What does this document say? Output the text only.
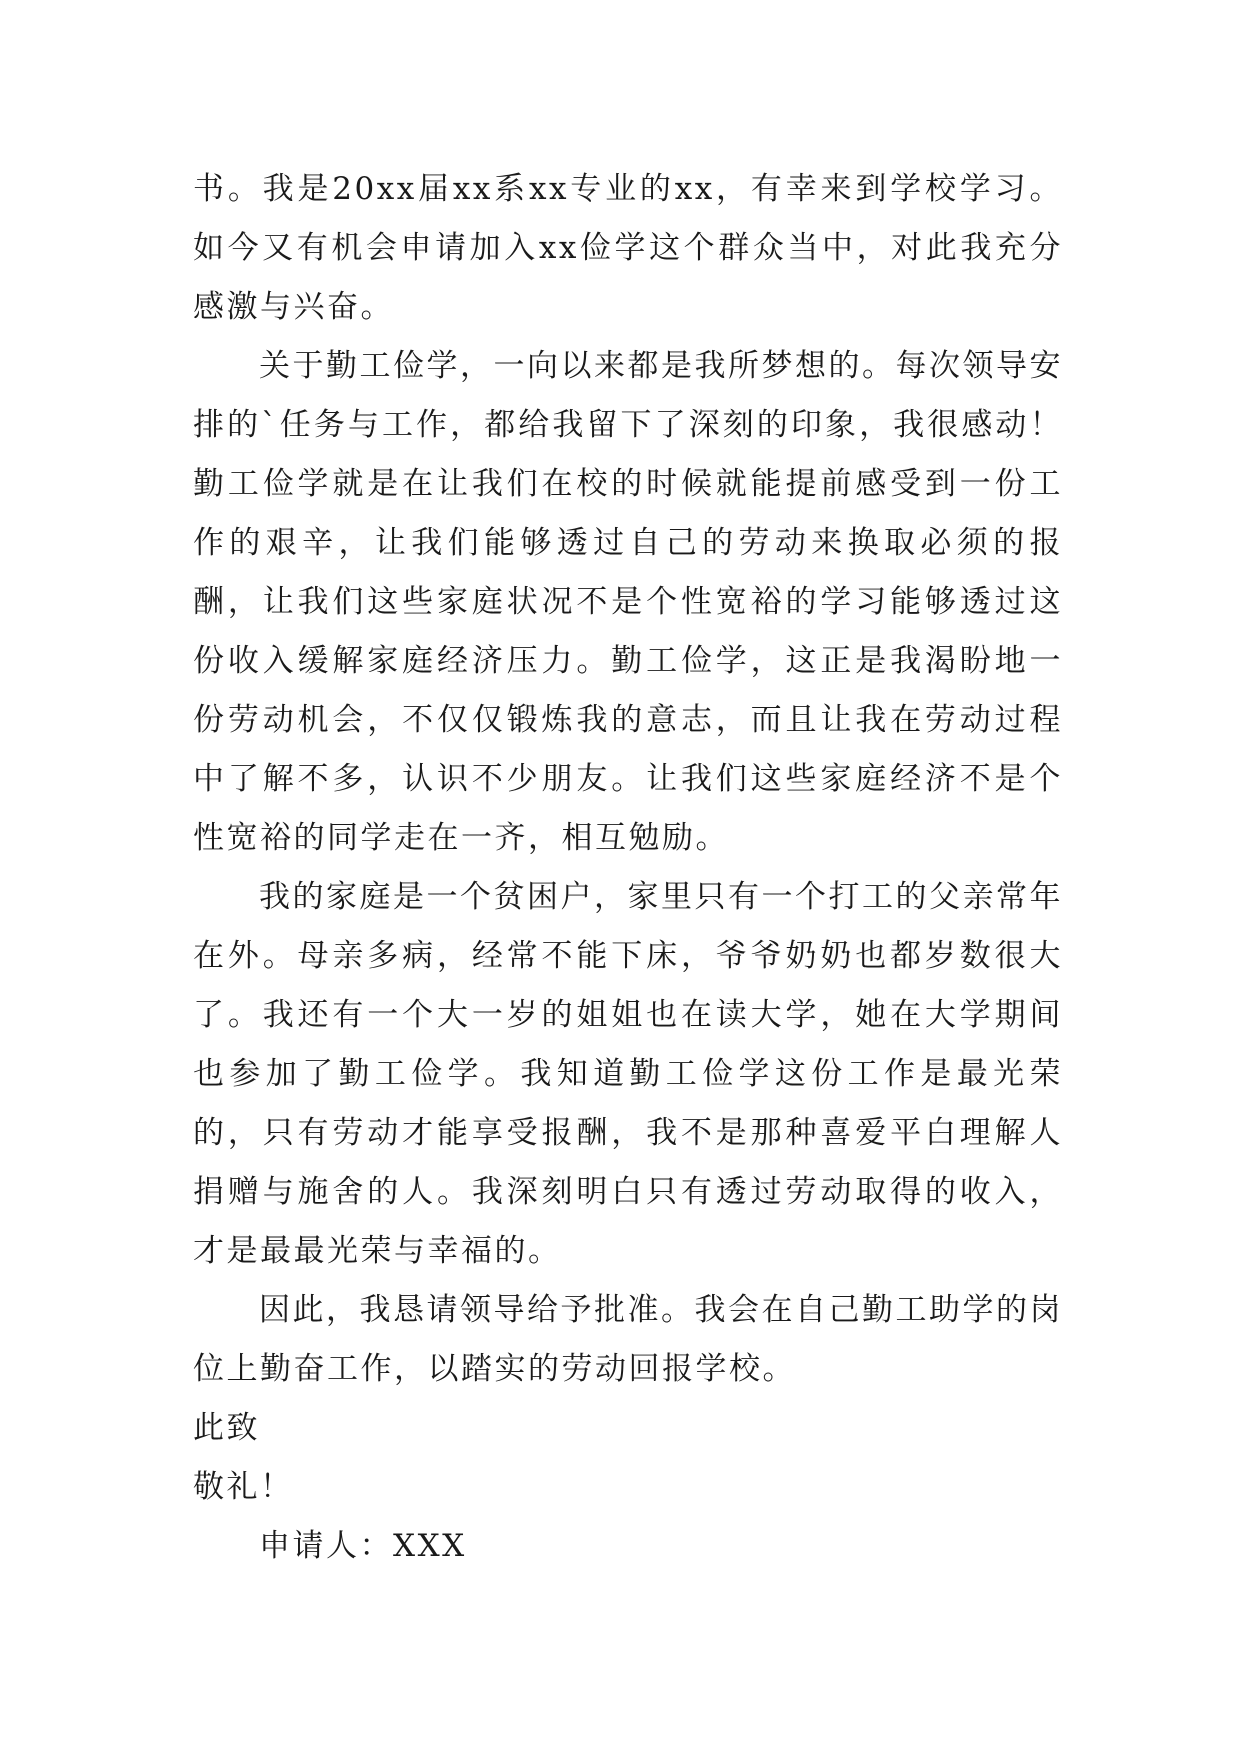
书。我是20xx届xx系xx专业的xx，有幸来到学校学习。如今又有机会申请加入xx俭学这个群众当中，对此我充分感激与兴奋。

关于勤工俭学，一向以来都是我所梦想的。每次领导安排的`任务与工作，都给我留下了深刻的印象，我很感动！勤工俭学就是在让我们在校的时候就能提前感受到一份工作的艰辛，让我们能够透过自己的劳动来换取必须的报酬，让我们这些家庭状况不是个性宽裕的学习能够透过这份收入缓解家庭经济压力。勤工俭学，这正是我渴盼地一份劳动机会，不仅仅锻炼我的意志，而且让我在劳动过程中了解不多，认识不少朋友。让我们这些家庭经济不是个性宽裕的同学走在一齐，相互勉励。

我的家庭是一个贫困户，家里只有一个打工的父亲常年在外。母亲多病，经常不能下床，爷爷奶奶也都岁数很大了。我还有一个大一岁的姐姐也在读大学，她在大学期间也参加了勤工俭学。我知道勤工俭学这份工作是最光荣的，只有劳动才能享受报酬，我不是那种喜爱平白理解人捐赠与施舍的人。我深刻明白只有透过劳动取得的收入，才是最最光荣与幸福的。

因此，我恳请领导给予批准。我会在自己勤工助学的岗位上勤奋工作，以踏实的劳动回报学校。

此致

敬礼！

申请人：XXX
